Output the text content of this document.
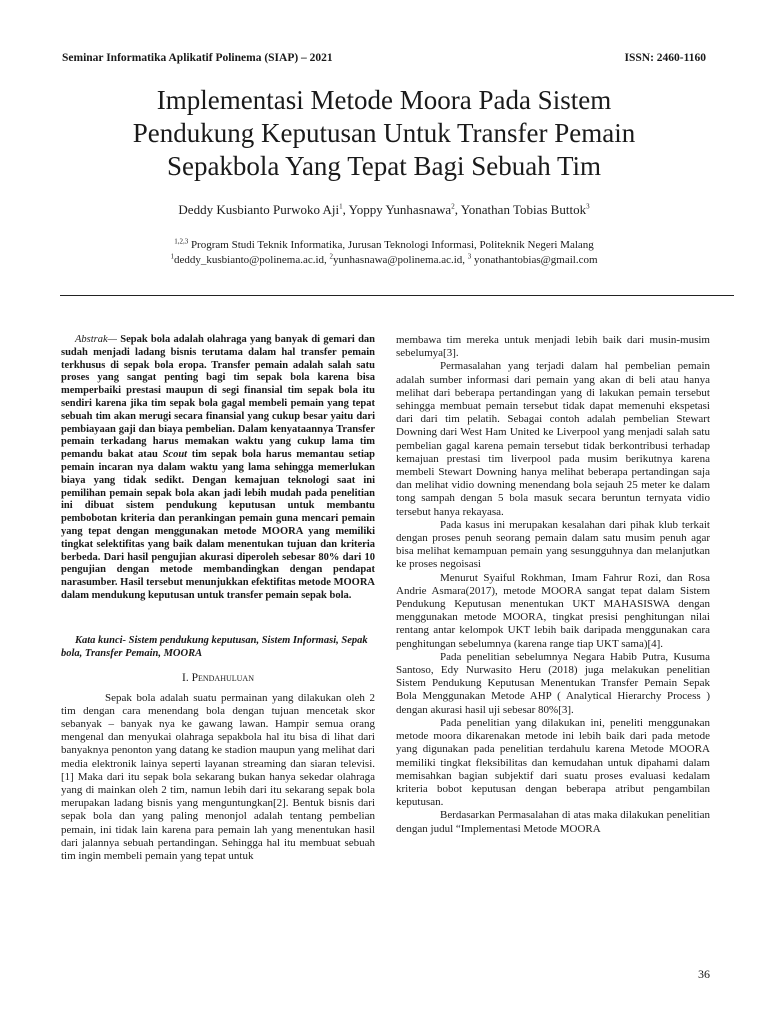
Seminar Informatika Aplikatif Polinema (SIAP) – 2021	ISSN: 2460-1160
Implementasi Metode Moora Pada Sistem
Pendukung Keputusan Untuk Transfer Pemain
Sepakbola Yang Tepat Bagi Sebuah Tim
Deddy Kusbianto Purwoko Aji$^1$, Yoppy Yunhasnawa$^2$, Yonathan Tobias Buttok$^3$
$^{1,2,3}$ Program Studi Teknik Informatika, Jurusan Teknologi Informasi, Politeknik Negeri Malang
$^1$deddy_kusbianto@polinema.ac.id, $^2$yunhasnawa@polinema.ac.id, $^3$ yonathantobias@gmail.com

Abstrak— Sepak bola adalah olahraga yang banyak di gemari dan sudah menjadi ladang bisnis terutama dalam hal transfer pemain terkhusus di sepak bola eropa. Transfer pemain adalah salah satu proses yang sangat penting bagi tim sepak bola karena bisa memperbaiki prestasi maupun di segi finansial tim sepak bola itu sendiri karena jika tim sepak bola gagal membeli pemain yang tepat sebuah tim akan merugi secara finansial yang cukup besar yaitu dari pembiayaan gaji dan biaya pembelian. Dalam kenyataannya Transfer pemain terkadang harus memakan waktu yang cukup lama tim pemandu bakat atau Scout tim sepak bola harus memantau setiap pemain incaran nya dalam waktu yang lama sehingga memerlukan biaya yang tidak sedikt. Dengan kemajuan teknologi saat ini pemilihan pemain sepak bola akan jadi lebih mudah pada penelitian ini dibuat sistem pendukung keputusan untuk membantu pembobotan kriteria dan perankingan pemain guna mencari pemain yang tepat dengan menggunakan metode MOORA yang memiliki tingkat selektifitas yang baik dalam menentukan tujuan dan kriteria berbeda. Dari hasil pengujian akurasi diperoleh sebesar 80% dari 10 pengujian dengan metode membandingkan dengan pendapat narasumber. Hasil tersebut menunjukkan efektifitas metode MOORA dalam mendukung keputusan untuk transfer pemain sepak bola.

Kata kunci- Sistem pendukung keputusan, Sistem Informasi, Sepak bola, Transfer Pemain, MOORA

I. Pendahuluan

Sepak bola adalah suatu permainan yang dilakukan oleh 2 tim dengan cara menendang bola dengan tujuan mencetak skor sebanyak – banyak nya ke gawang lawan. Hampir semua orang mengenal dan menyukai olahraga sepakbola hal itu bisa di lihat dari banyaknya penonton yang datang ke stadion maupun yang melihat dari media elektronik lainya seperti layanan streaming dan siaran televisi.[1] Maka dari itu sepak bola sekarang bukan hanya sekedar olahraga yang di mainkan oleh 2 tim, namun lebih dari itu sekarang sepak bola merupakan ladang bisnis yang menguntungkan[2]. Bentuk bisnis dari sepak bola dan yang paling menonjol adalah tentang pembelian pemain, ini tidak lain karena para pemain lah yang menentukan hasil dari jalannya sebuah pertandingan. Sehingga hal itu membuat sebuah tim ingin membeli pemain yang tepat untuk

membawa tim mereka untuk menjadi lebih baik dari musin-musim sebelumya[3].

Permasalahan yang terjadi dalam hal pembelian pemain adalah sumber informasi dari pemain yang akan di beli atau hanya melihat dari beberapa pertandingan yang di lakukan pemain tersebut sehingga membuat pemain tersebut tidak dapat memenuhi ekspetasi dari dari tim pelatih. Sebagai contoh adalah pembelian Stewart Downing dari West Ham United ke Liverpool yang menjadi salah satu pembelian gagal karena pemain tersebut tidak berkontribusi terhadap kemajuan prestasi tim liverpool pada musim berikutnya karena membeli Stewart Downing hanya melihat beberapa pertandingan saja dan melihat vidio downing menendang bola sejauh 25 meter ke dalam tong sampah dengan 5 bola masuk secara beruntun ternyata vidio tersebut hanya rekayasa.

Pada kasus ini merupakan kesalahan dari pihak klub terkait dengan proses penuh seorang pemain dalam satu musim penuh agar bisa melihat kemampuan pemain yang sesungguhnya dan melanjutkan ke proses negoisasi

Menurut Syaiful Rokhman, Imam Fahrur Rozi, dan Rosa Andrie Asmara(2017), metode MOORA sangat tepat dalam Sistem Pendukung Keputusan menentukan UKT MAHASISWA dengan menggunakan metode MOORA, tingkat presisi penghitungan nilai rentang antar kelompok UKT lebih baik daripada menggunakan cara penghitungan sebelumnya (karena range tiap UKT sama)[4].

Pada penelitian sebelumnya Negara Habib Putra, Kusuma Santoso, Edy Nurwasito Heru (2018) juga melakukan penelitian Sistem Pendukung Keputusan Menentukan Transfer Pemain Sepak Bola Menggunakan Metode AHP ( Analytical Hierarchy Process ) dengan akurasi hasil uji sebesar 80%[3].

Pada penelitian yang dilakukan ini, peneliti menggunakan metode moora dikarenakan metode ini lebih baik dari pada metode yang digunakan pada penelitian terdahulu karena Metode MOORA memiliki tingkat fleksibilitas dan kemudahan untuk dipahami dalam memisahkan bagian subjektif dari suatu proses evaluasi kedalam kriteria bobot keputusan dengan beberapa atribut pengambilan keputusan.

Berdasarkan Permasalahan di atas maka dilakukan penelitian dengan judul “Implementasi Metode MOORA

36
